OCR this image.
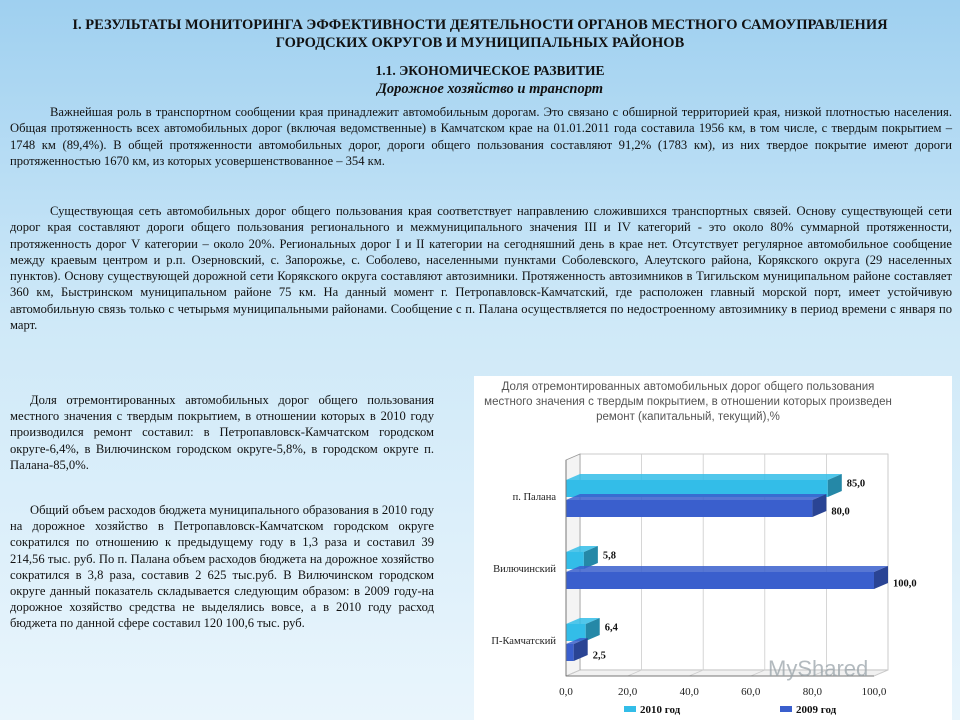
I. РЕЗУЛЬТАТЫ МОНИТОРИНГА ЭФФЕКТИВНОСТИ ДЕЯТЕЛЬНОСТИ ОРГАНОВ МЕСТНОГО САМОУПРАВЛЕНИЯ ГОРОДСКИХ ОКРУГОВ И МУНИЦИПАЛЬНЫХ РАЙОНОВ
1.1. ЭКОНОМИЧЕСКОЕ РАЗВИТИЕ
Дорожное хозяйство и транспорт

Важнейшая роль в транспортном сообщении края принадлежит автомобильным дорогам. Это связано с обширной территорией края, низкой плотностью населения. Общая протяженность всех автомобильных дорог (включая ведомственные) в Камчатском крае на 01.01.2011 года составила 1956 км, в том числе, с твердым покрытием – 1748 км (89,4%). В общей протяженности автомобильных дорог, дороги общего пользования составляют 91,2% (1783 км), из них твердое покрытие имеют дороги протяженностью 1670 км, из которых усовершенствованное – 354 км.

Существующая сеть автомобильных дорог общего пользования края соответствует направлению сложившихся транспортных связей. Основу существующей сети дорог края составляют дороги общего пользования регионального и межмуниципального значения III и IV категорий - это около 80% суммарной протяженности, протяженность дорог V категории – около 20%. Региональных дорог I и II категории на сегодняшний день в крае нет. Отсутствует регулярное автомобильное сообщение между краевым центром и р.п. Озерновский, с. Запорожье, с. Соболево, населенными пунктами Соболевского, Алеутского района, Корякского округа (29 населенных пунктов). Основу существующей дорожной сети Корякского округа составляют автозимники. Протяженность автозимников в Тигильском муниципальном районе составляет 360 км, Быстринском муниципальном районе 75 км. На данный момент г. Петропавловск-Камчатский, где расположен главный морской порт, имеет устойчивую автомобильную связь только с четырьмя муниципальными районами. Сообщение с п. Палана осуществляется по недостроенному автозимнику в период времени с января по март.

Доля отремонтированных автомобильных дорог общего пользования местного значения с твердым покрытием, в отношении которых в 2010 году производился ремонт составил: в Петропавловск-Камчатском городском округе-6,4%, в Вилючинском городском округе-5,8%, в городском округе п. Палана-85,0%.

Общий объем расходов бюджета муниципального образования в 2010 году на дорожное хозяйство в Петропавловск-Камчатском городском округе сократился по отношению к предыдущему году в 1,3 раза и составил 39 214,56 тыс. руб. По п. Палана объем расходов бюджета на дорожное хозяйство сократился в 3,8 раза, составив 2 625 тыс.руб. В Вилючинском городском округе данный показатель складывается следующим образом: в 2009 году-на дорожное хозяйство средства не выделялись вовсе, а в 2010 году расход бюджета по данной сфере составил 120 100,6 тыс. руб.

Доля отремонтированных автомобильных дорог общего пользования местного значения с твердым покрытием, в отношении которых произведен ремонт (капитальный, текущий),%
0,0	20,0	40,0	60,0	80,0	100,0
п. Палана
85,0
80,0
Вилючинский
5,8
100,0
П-Камчатский
6,4
2,5
2010 год	2009 год
MyShared
